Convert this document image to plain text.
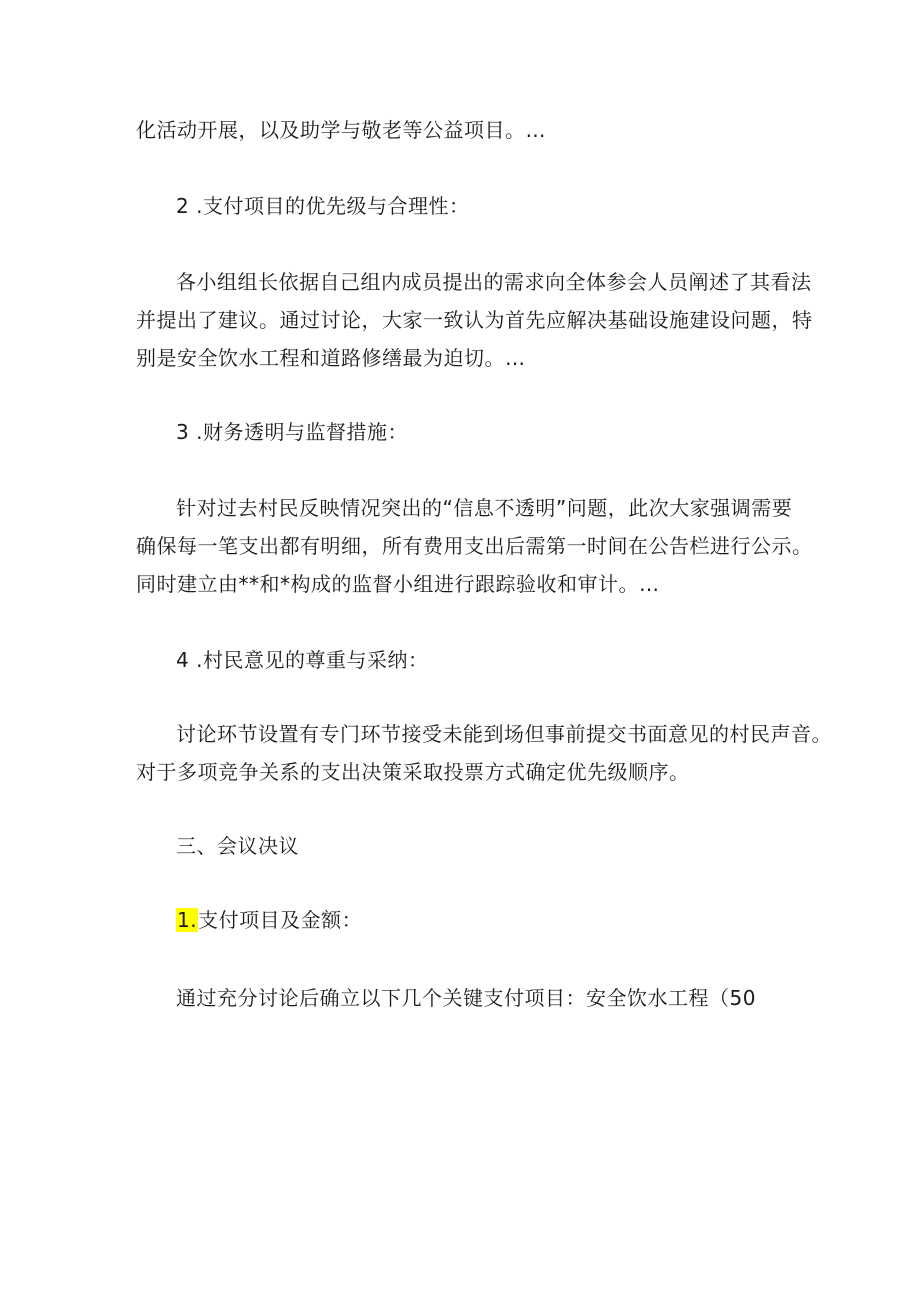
化活动开展，以及助学与敬老等公益项目。…
2 .支付项目的优先级与合理性：
各小组组长依据自己组内成员提出的需求向全体参会人员阐述了其看法
并提出了建议。通过讨论，大家一致认为首先应解决基础设施建设问题，特
别是安全饮水工程和道路修缮最为迫切。…
3 .财务透明与监督措施：
针对过去村民反映情况突出的“信息不透明”问题，此次大家强调需要
确保每一笔支出都有明细，所有费用支出后需第一时间在公告栏进行公示。
同时建立由**和*构成的监督小组进行跟踪验收和审计。…
4 .村民意见的尊重与采纳：
讨论环节设置有专门环节接受未能到场但事前提交书面意见的村民声音。
对于多项竞争关系的支出决策采取投票方式确定优先级顺序。
三、会议决议
1.支付项目及金额：
通过充分讨论后确立以下几个关键支付项目：安全饮水工程（50
